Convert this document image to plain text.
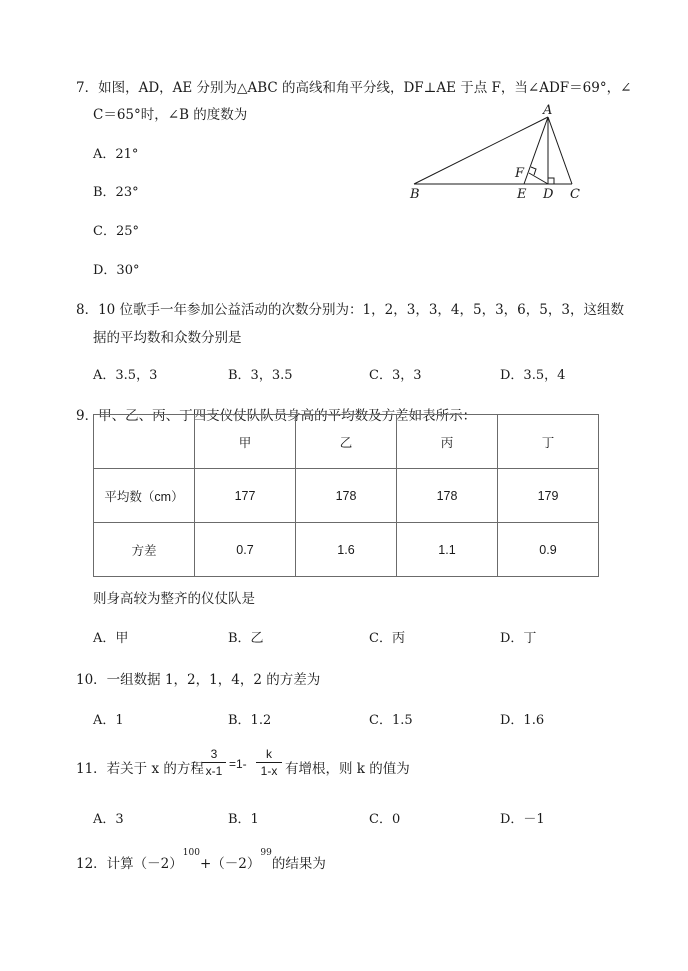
7．如图，AD，AE 分别为△ABC 的高线和角平分线，DF⊥AE 于点 F，当∠ADF＝69°，∠
C＝65°时，∠B 的度数为
A．21°
B．23°
C．25°
D．30°
A
B	E D C
F
8．10 位歌手一年参加公益活动的次数分别为：1，2，3，3，4，5，3，6，5，3，这组数
据的平均数和众数分别是
A．3.5，3	B．3，3.5	C．3，3	D．3.5，4
9．甲、乙、丙、丁四支仪仗队队员身高的平均数及方差如表所示：
	甲	乙	丙	丁
平均数（cm）	177	178	178	179
方差	0.7	1.6	1.1	0.9
则身高较为整齐的仪仗队是
A．甲	B．乙	C．丙	D．丁
10．一组数据 1，2，1，4，2 的方差为
A．1	B．1.2	C．1.5	D．1.6
11．若关于 x 的方程
3
x-1 =1-
k
1-x 有增根，则 k 的值为
A．3	B．1	C．0	D．－1
12．计算$(-2)^{100}+(-2)^{99}$的结果为
